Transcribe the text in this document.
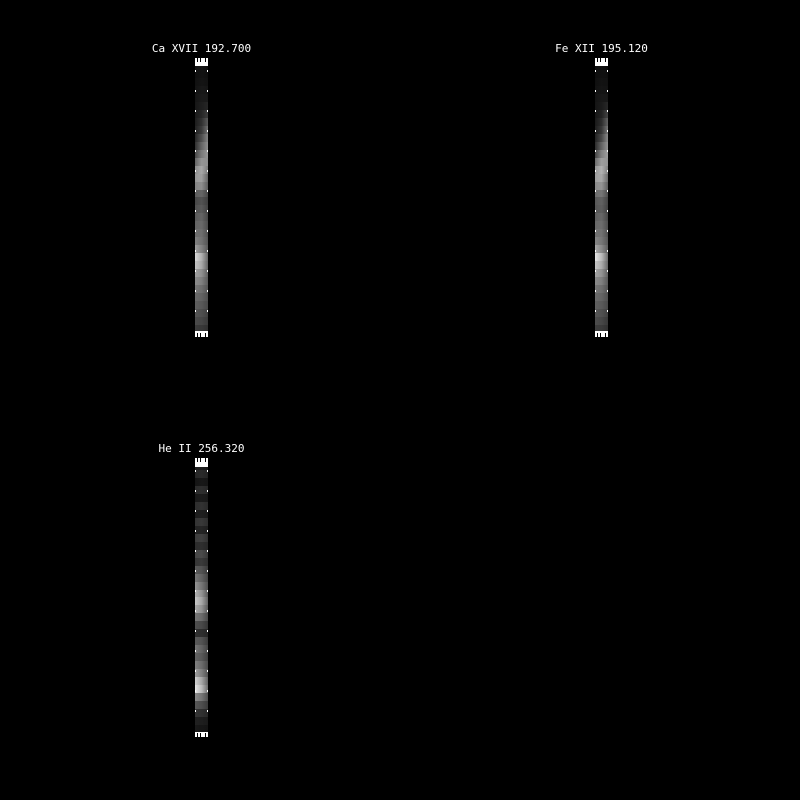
Ca XVII 192.700	Fe XII 195.120
He II 256.320
